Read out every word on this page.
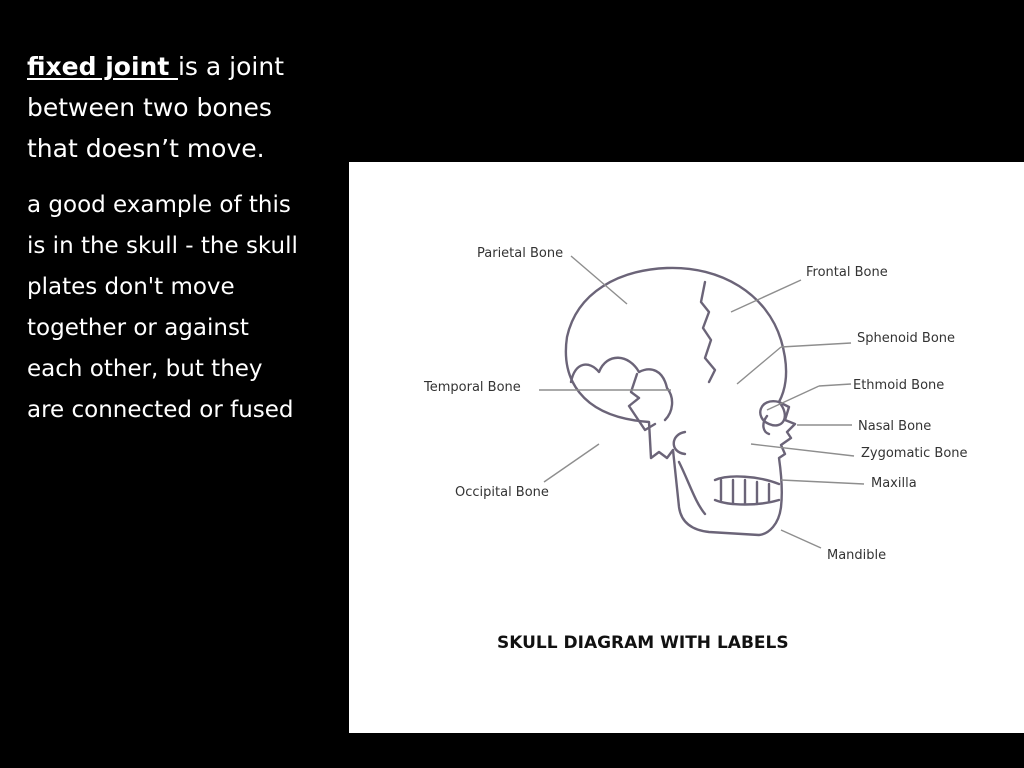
fixed joint is a joint
between two bones
that doesn’t move.

a good example of this
is in the skull - the skull
plates don't move
together or against
each other, but they
are connected or fused

Parietal Bone
Frontal Bone
Sphenoid Bone
Temporal Bone	Ethmoid Bone
Nasal Bone
Zygomatic Bone
Occipital Bone
Maxilla
Mandible
SKULL DIAGRAM WITH LABELS
